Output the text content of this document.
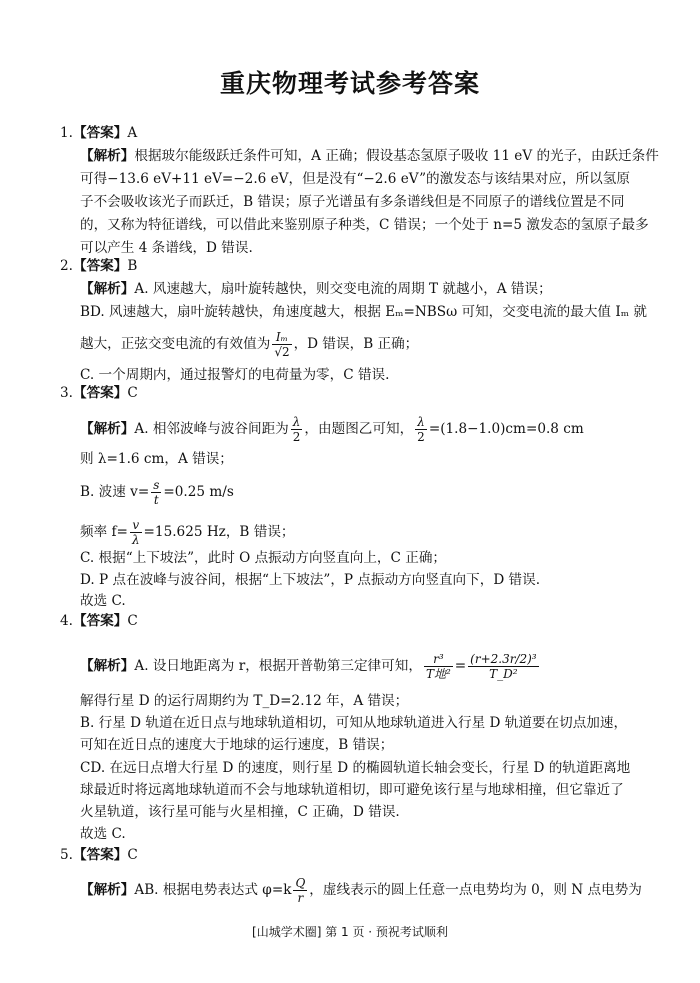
重庆物理考试参考答案
1.【答案】A
【解析】根据玻尔能级跃迁条件可知，A 正确；假设基态氢原子吸收 11 eV 的光子，由跃迁条件
可得−13.6 eV+11 eV=−2.6 eV，但是没有“−2.6 eV”的激发态与该结果对应，所以氢原
子不会吸收该光子而跃迁，B 错误；原子光谱虽有多条谱线但是不同原子的谱线位置是不同
的，又称为特征谱线，可以借此来鉴别原子种类，C 错误；一个处于 n=5 激发态的氢原子最多
可以产生 4 条谱线，D 错误.
2.【答案】B
【解析】A. 风速越大，扇叶旋转越快，则交变电流的周期 T 就越小，A 错误；
BD. 风速越大，扇叶旋转越快，角速度越大，根据 Eₘ=NBSω 可知，交变电流的最大值 Iₘ 就
越大，正弦交变电流的有效值为 $\frac{\text{Iₘ}}{√2}$ ，D 错误，B 正确；
C. 一个周期内，通过报警灯的电荷量为零，C 错误.
3.【答案】C
【解析】A. 相邻波峰与波谷间距为 $\frac{\lambda}{2}$ ，由题图乙可知， $\frac{\lambda}{2} =(1.8-1.0)cm=0.8$ cm
则 λ=1.6 cm，A 错误；
B. 波速 $v= \frac{s}{t} =0.25$ m/s
频率 $f= \frac{v}{\lambda} =15.625$ Hz，B 错误；
C. 根据“上下坡法”，此时 O 点振动方向竖直向上，C 正确；
D. P 点在波峰与波谷间，根据“上下坡法”，P 点振动方向竖直向下，D 错误.
故选 C.
4.【答案】C
【解析】A. 设日地距离为 r，根据开普勒第三定律可知， $\frac{\text{r³}}{\text{T地²}} = \frac{\text{(r+2.3r/2)³}}{\text{T\_D²}}$
解得行星 D 的运行周期约为 T_D=2.12 年，A 错误；
B. 行星 D 轨道在近日点与地球轨道相切，可知从地球轨道进入行星 D 轨道要在切点加速，
可知在近日点的速度大于地球的运行速度，B 错误；
CD. 在远日点增大行星 D 的速度，则行星 D 的椭圆轨道长轴会变长，行星 D 的轨道距离地
球最近时将远离地球轨道而不会与地球轨道相切，即可避免该行星与地球相撞，但它靠近了
火星轨道，该行星可能与火星相撞，C 正确，D 错误.
故选 C.
5.【答案】C
【解析】AB. 根据电势表达式 $\varphi=k \frac{Q}{r}$ ，虚线表示的圆上任意一点电势均为 0，则 N 点电势为
[山城学术圈] 第 1 页 · 预祝考试顺利
